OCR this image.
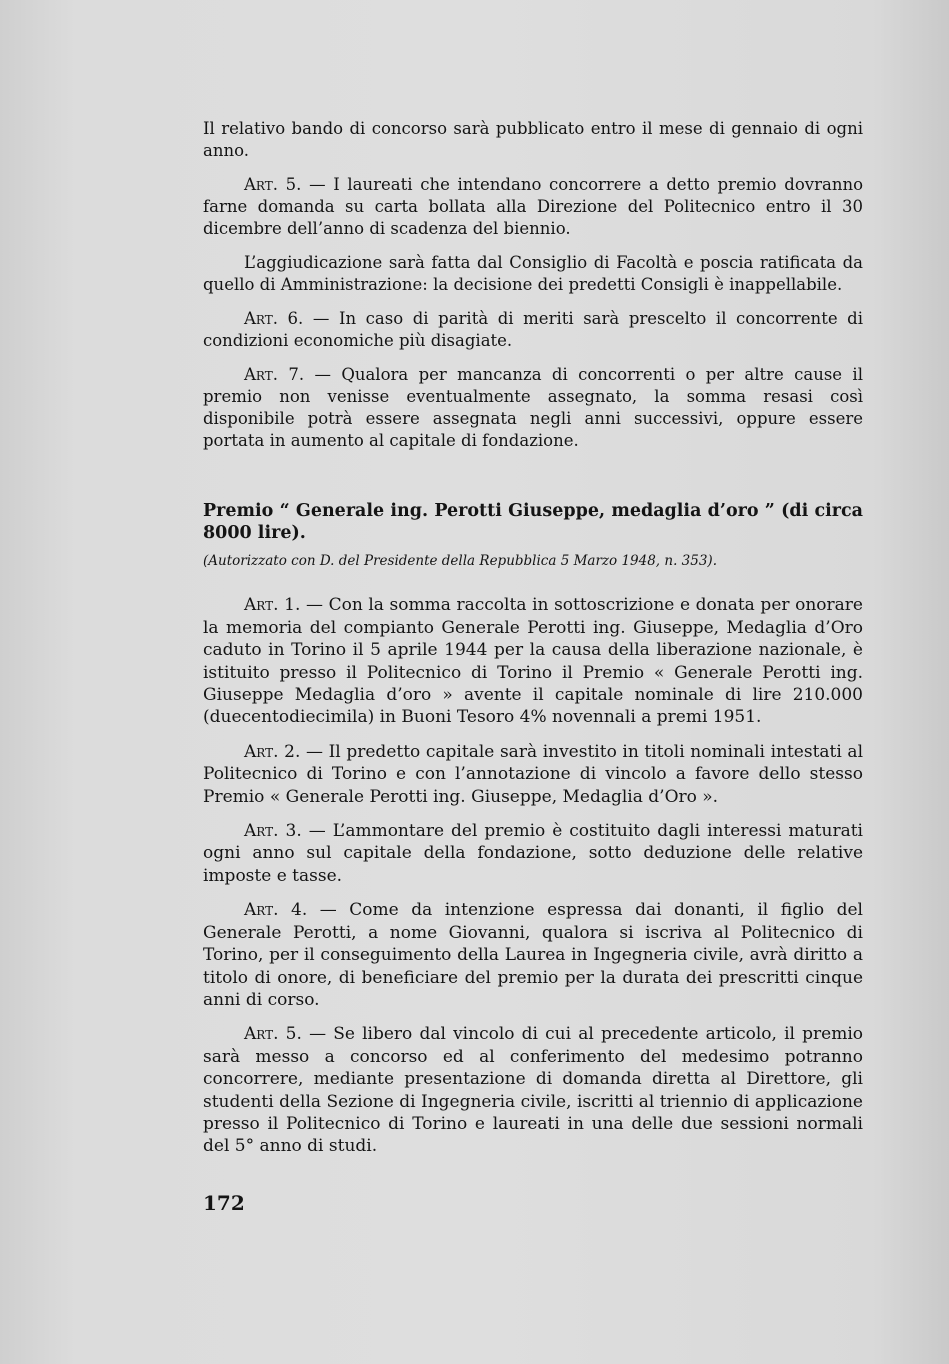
Il relativo bando di concorso sarà pubblicato entro il mese di gennaio di ogni anno.

Art. 5. — I laureati che intendano concorrere a detto premio dovranno farne domanda su carta bollata alla Direzione del Politecnico entro il 30 dicembre dell’anno di scadenza del biennio.

L’aggiudicazione sarà fatta dal Consiglio di Facoltà e poscia ratificata da quello di Amministrazione: la decisione dei predetti Consigli è inappellabile.

Art. 6. — In caso di parità di meriti sarà prescelto il concorrente di condizioni economiche più disagiate.

Art. 7. — Qualora per mancanza di concorrenti o per altre cause il premio non venisse eventualmente assegnato, la somma resasi così disponibile potrà essere assegnata negli anni successivi, oppure essere portata in aumento al capitale di fondazione.

Premio “ Generale ing. Perotti Giuseppe, medaglia d’oro ” (di circa 8000 lire).

(Autorizzato con D. del Presidente della Repubblica 5 Marzo 1948, n. 353).

Art. 1. — Con la somma raccolta in sottoscrizione e donata per onorare la memoria del compianto Generale Perotti ing. Giuseppe, Medaglia d’Oro caduto in Torino il 5 aprile 1944 per la causa della liberazione nazionale, è istituito presso il Politecnico di Torino il Premio « Generale Perotti ing. Giuseppe Medaglia d’oro » avente il capitale nominale di lire 210.000 (duecentodiecimila) in Buoni Tesoro 4% novennali a premi 1951.

Art. 2. — Il predetto capitale sarà investito in titoli nominali intestati al Politecnico di Torino e con l’annotazione di vincolo a favore dello stesso Premio « Generale Perotti ing. Giuseppe, Medaglia d’Oro ».

Art. 3. — L’ammontare del premio è costituito dagli interessi maturati ogni anno sul capitale della fondazione, sotto deduzione delle relative imposte e tasse.

Art. 4. — Come da intenzione espressa dai donanti, il figlio del Generale Perotti, a nome Giovanni, qualora si iscriva al Politecnico di Torino, per il conseguimento della Laurea in Ingegneria civile, avrà diritto a titolo di onore, di beneficiare del premio per la durata dei prescritti cinque anni di corso.

Art. 5. — Se libero dal vincolo di cui al precedente articolo, il premio sarà messo a concorso ed al conferimento del medesimo potranno concorrere, mediante presentazione di domanda diretta al Direttore, gli studenti della Sezione di Ingegneria civile, iscritti al triennio di applicazione presso il Politecnico di Torino e laureati in una delle due sessioni normali del 5° anno di studi.

172
